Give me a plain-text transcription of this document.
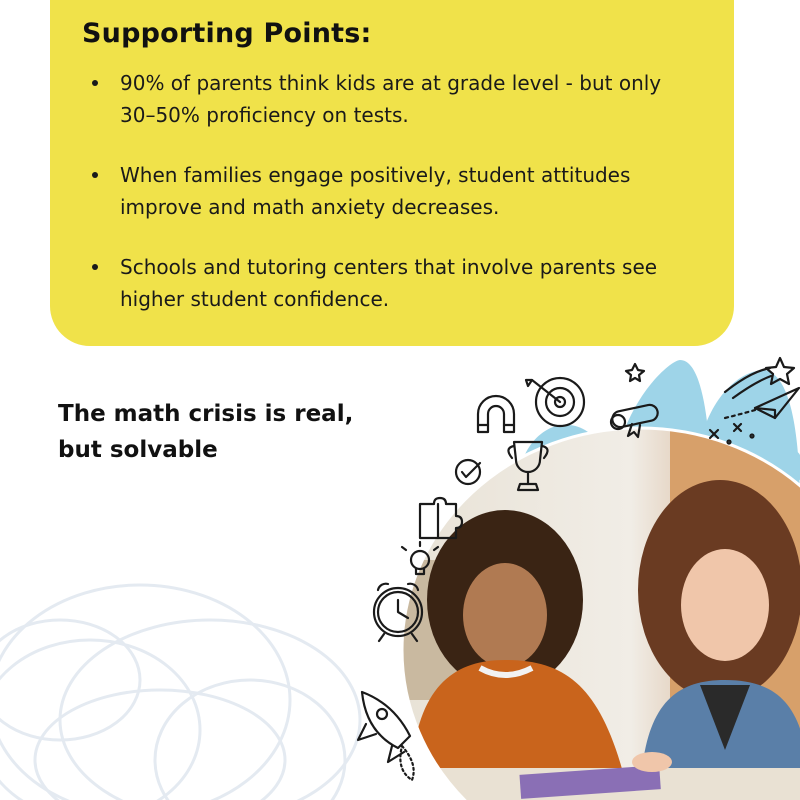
Supporting Points:
90% of parents think kids are at grade level - but only 30–50% proficiency on tests.
When families engage positively, student attitudes improve and math anxiety decreases.
Schools and tutoring centers that involve parents see higher student confidence.
The math crisis is real,
but solvable
